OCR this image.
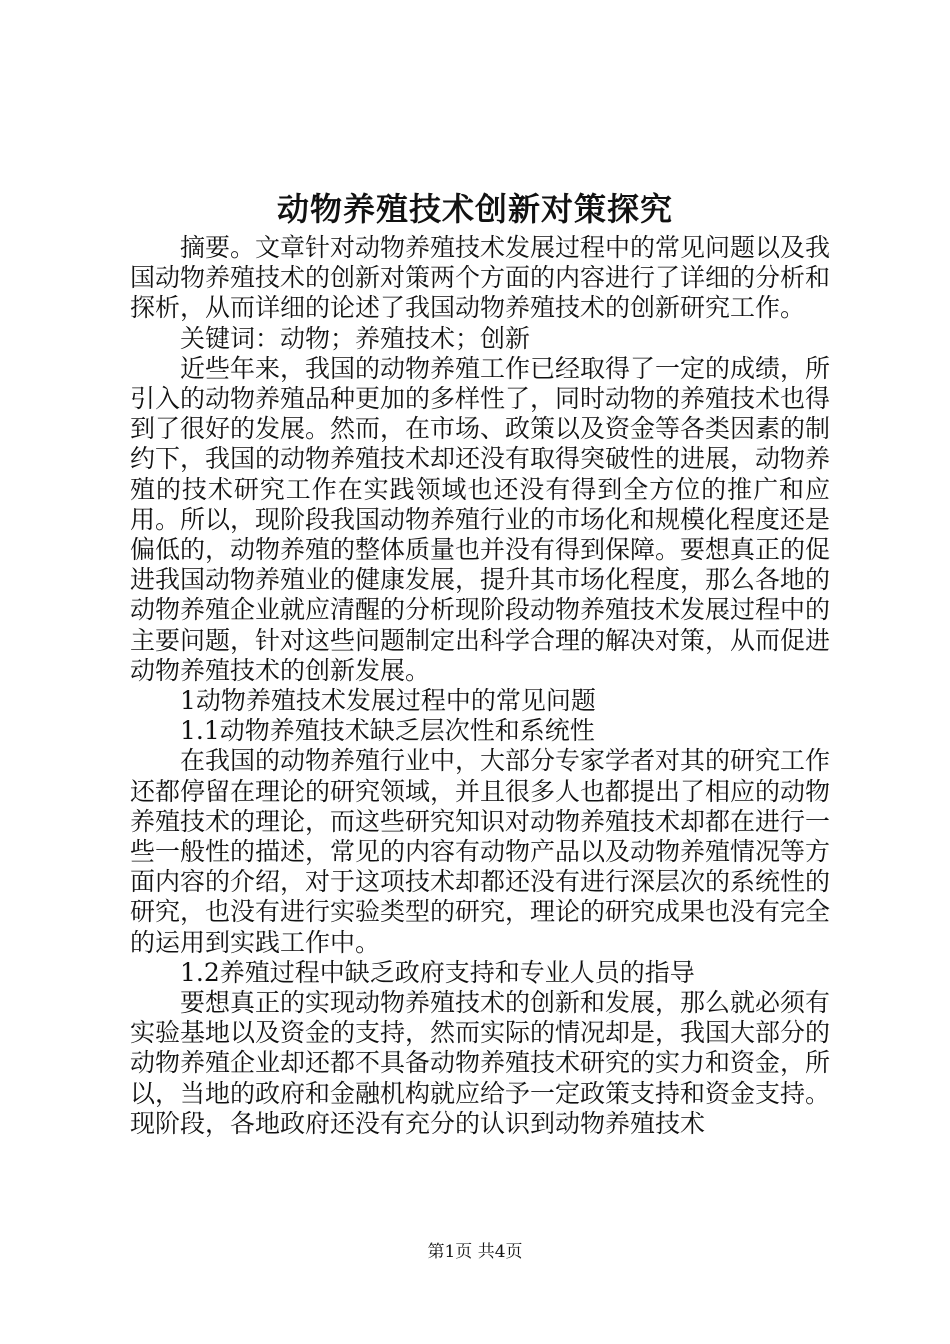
动物养殖技术创新对策探究

摘要。文章针对动物养殖技术发展过程中的常见问题以及我国动物养殖技术的创新对策两个方面的内容进行了详细的分析和探析，从而详细的论述了我国动物养殖技术的创新研究工作。

关键词：动物；养殖技术；创新

近些年来，我国的动物养殖工作已经取得了一定的成绩，所引入的动物养殖品种更加的多样性了，同时动物的养殖技术也得到了很好的发展。然而，在市场、政策以及资金等各类因素的制约下，我国的动物养殖技术却还没有取得突破性的进展，动物养殖的技术研究工作在实践领域也还没有得到全方位的推广和应用。所以，现阶段我国动物养殖行业的市场化和规模化程度还是偏低的，动物养殖的整体质量也并没有得到保障。要想真正的促进我国动物养殖业的健康发展，提升其市场化程度，那么各地的动物养殖企业就应清醒的分析现阶段动物养殖技术发展过程中的主要问题，针对这些问题制定出科学合理的解决对策，从而促进动物养殖技术的创新发展。

1动物养殖技术发展过程中的常见问题

1.1动物养殖技术缺乏层次性和系统性

在我国的动物养殖行业中，大部分专家学者对其的研究工作还都停留在理论的研究领域，并且很多人也都提出了相应的动物养殖技术的理论，而这些研究知识对动物养殖技术却都在进行一些一般性的描述，常见的内容有动物产品以及动物养殖情况等方面内容的介绍，对于这项技术却都还没有进行深层次的系统性的研究，也没有进行实验类型的研究，理论的研究成果也没有完全的运用到实践工作中。

1.2养殖过程中缺乏政府支持和专业人员的指导

要想真正的实现动物养殖技术的创新和发展，那么就必须有实验基地以及资金的支持，然而实际的情况却是，我国大部分的动物养殖企业却还都不具备动物养殖技术研究的实力和资金，所以，当地的政府和金融机构就应给予一定政策支持和资金支持。现阶段，各地政府还没有充分的认识到动物养殖技术

第1页 共4页
